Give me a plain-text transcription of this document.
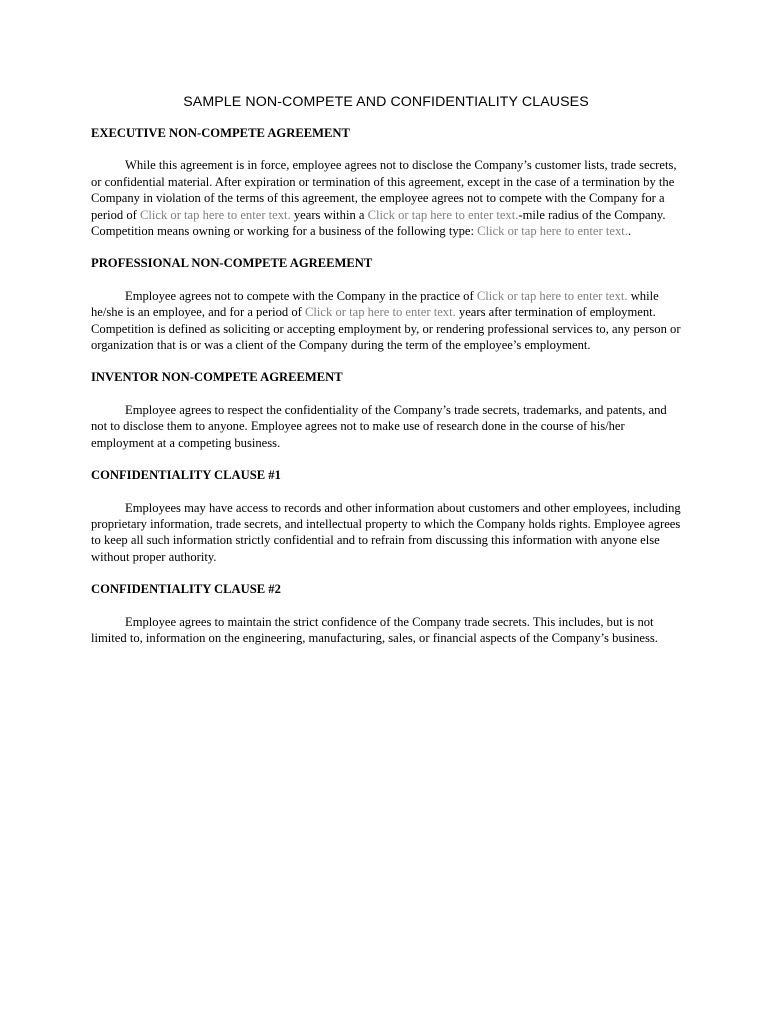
SAMPLE NON-COMPETE AND CONFIDENTIALITY CLAUSES
EXECUTIVE NON-COMPETE AGREEMENT
While this agreement is in force, employee agrees not to disclose the Company’s customer lists, trade secrets, or confidential material. After expiration or termination of this agreement, except in the case of a termination by the Company in violation of the terms of this agreement, the employee agrees not to compete with the Company for a period of Click or tap here to enter text. years within a Click or tap here to enter text.-mile radius of the Company. Competition means owning or working for a business of the following type: Click or tap here to enter text..
PROFESSIONAL NON-COMPETE AGREEMENT
Employee agrees not to compete with the Company in the practice of Click or tap here to enter text. while he/she is an employee, and for a period of Click or tap here to enter text. years after termination of employment. Competition is defined as soliciting or accepting employment by, or rendering professional services to, any person or organization that is or was a client of the Company during the term of the employee’s employment.
INVENTOR NON-COMPETE AGREEMENT
Employee agrees to respect the confidentiality of the Company’s trade secrets, trademarks, and patents, and not to disclose them to anyone. Employee agrees not to make use of research done in the course of his/her employment at a competing business.
CONFIDENTIALITY CLAUSE #1
Employees may have access to records and other information about customers and other employees, including proprietary information, trade secrets, and intellectual property to which the Company holds rights. Employee agrees to keep all such information strictly confidential and to refrain from discussing this information with anyone else without proper authority.
CONFIDENTIALITY CLAUSE #2
Employee agrees to maintain the strict confidence of the Company trade secrets. This includes, but is not limited to, information on the engineering, manufacturing, sales, or financial aspects of the Company’s business.
